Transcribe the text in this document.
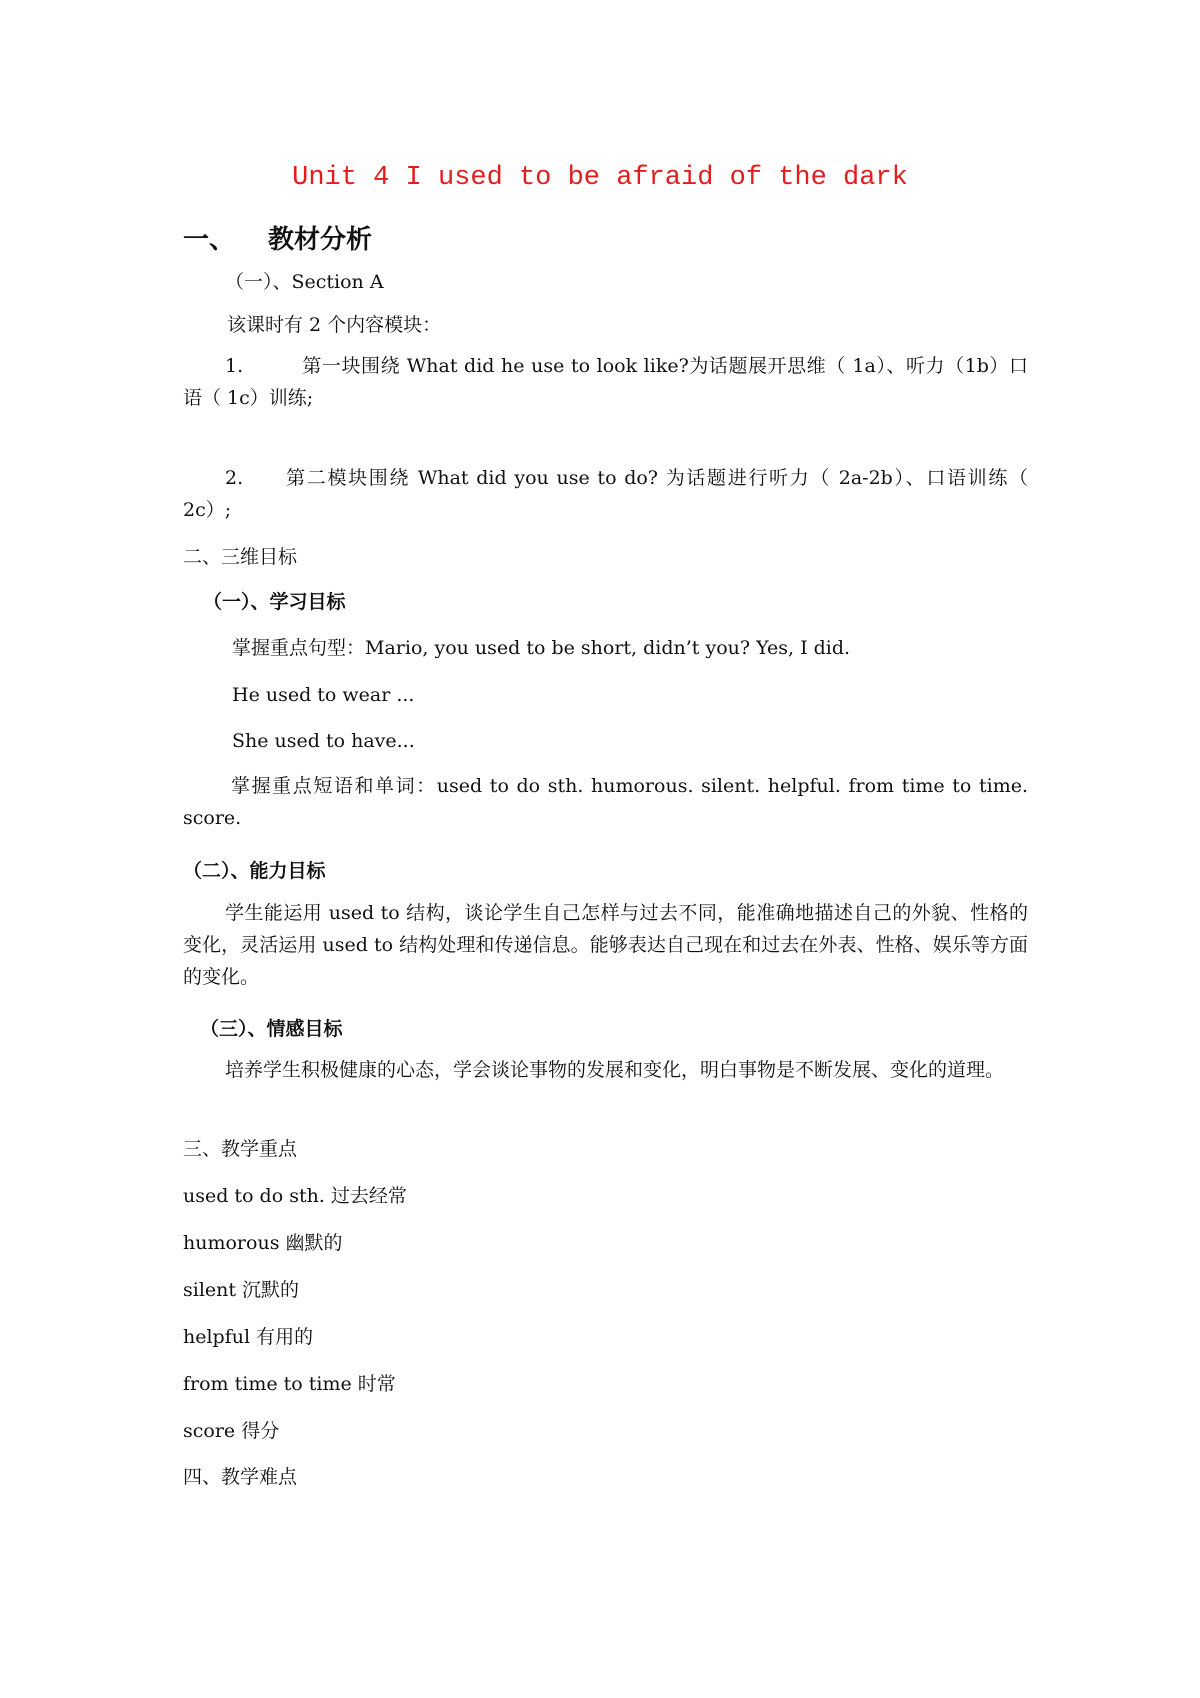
Unit 4 I used to be afraid of the dark
一、 教材分析
（一）、Section A
该课时有 2 个内容模块：
1.　　　第一块围绕 What did he use to look like?为话题展开思维（ 1a）、听力（1b）口语（ 1c）训练;
2.　　第二模块围绕 What did you use to do? 为话题进行听力（ 2a-2b）、口语训练（ 2c）;
二、三维目标
（一）、学习目标
掌握重点句型：Mario, you used to be short, didn’t you? Yes, I did.
He used to wear ...
She used to have...
掌握重点短语和单词：used to do sth. humorous. silent. helpful. from time to time. score.
（二）、能力目标
学生能运用 used to 结构，谈论学生自己怎样与过去不同，能准确地描述自己的外貌、性格的变化，灵活运用 used to 结构处理和传递信息。能够表达自己现在和过去在外表、性格、娱乐等方面的变化。
（三）、情感目标
培养学生积极健康的心态，学会谈论事物的发展和变化，明白事物是不断发展、变化的道理。
三、教学重点
used to do sth. 过去经常
humorous 幽默的
silent 沉默的
helpful 有用的
from time to time 时常
score 得分
四、教学难点
